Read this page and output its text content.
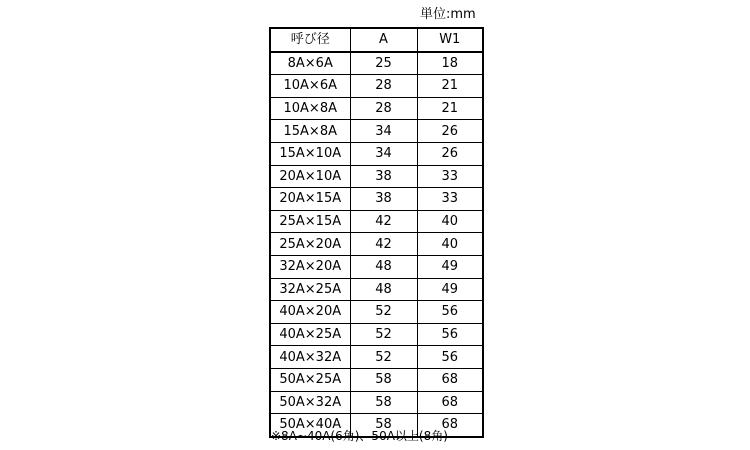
単位:mm
呼び径	A	W1
8A×6A	25	18
10A×6A	28	21
10A×8A	28	21
15A×8A	34	26
15A×10A	34	26
20A×10A	38	33
20A×15A	38	33
25A×15A	42	40
25A×20A	42	40
32A×20A	48	49
32A×25A	48	49
40A×20A	52	56
40A×25A	52	56
40A×32A	52	56
50A×25A	58	68
50A×32A	58	68
50A×40A	58	68
※8A~40A(6角)、50A以上(8角)
